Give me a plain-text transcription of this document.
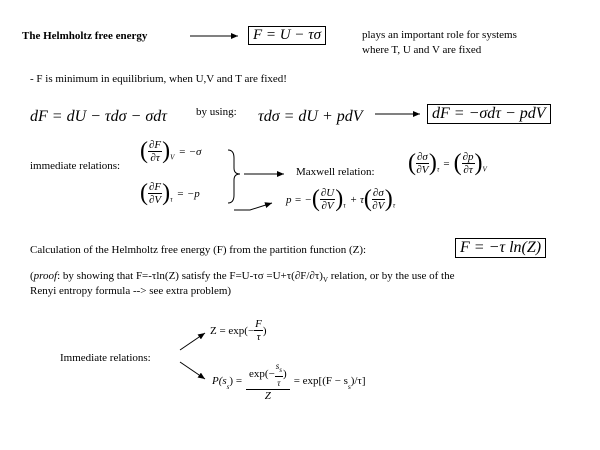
The Helmholtz free energy	F = U − τσ	plays an important role for systems
where T, U and V are fixed
- F is minimum in equilibrium, when U,V and T are fixed!
dF = dU − τdσ − σdτ	by using: τdσ = dU + pdV	dF = −σdτ − pdV
immediate relations:
( $\frac{\partial F}{\partial\tau} )_V = -\sigma$
( $\frac{\partial F}{\partial V} )_\tau = -p$
Maxwell relation: ( $\frac{\partial\sigma}{\partial V} )_\tau$ = ( $\frac{\partial p}{\partial\tau} )_V$
p = −( $\frac{\partial U}{\partial V} )_\tau + \tau( \frac{\partial\sigma}{\partial V} )_\tau$
Calculation of the Helmholtz free energy (F) from the partition function (Z):	F = −τ ln(Z)
(proof: by showing that F=-τln(Z) satisfy the $F=U-\tau\sigma =U+\tau(\partial F/\partial\tau)_V$ relation, or by the use of the
Renyi entropy formula --> see extra problem)
Immediate relations:
$Z = \exp(- \frac{F}{\tau}$ )
$P(s_s) = \frac{\exp(- \frac{s_s}{\tau} )}{Z} = \exp[(F - s_s)/\tau]$
